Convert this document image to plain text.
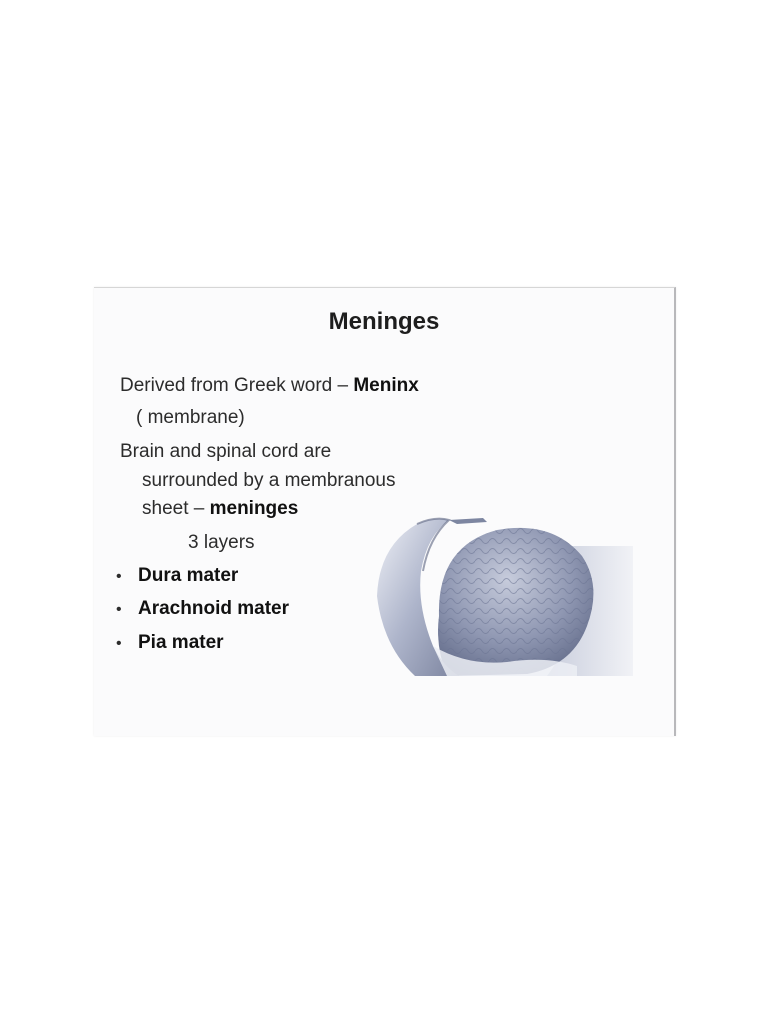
Meninges
Derived from Greek word – Meninx
( membrane)
Brain and spinal cord are
surrounded by a membranous
sheet – meninges
3 layers
• Dura mater
• Arachnoid mater
• Pia mater
